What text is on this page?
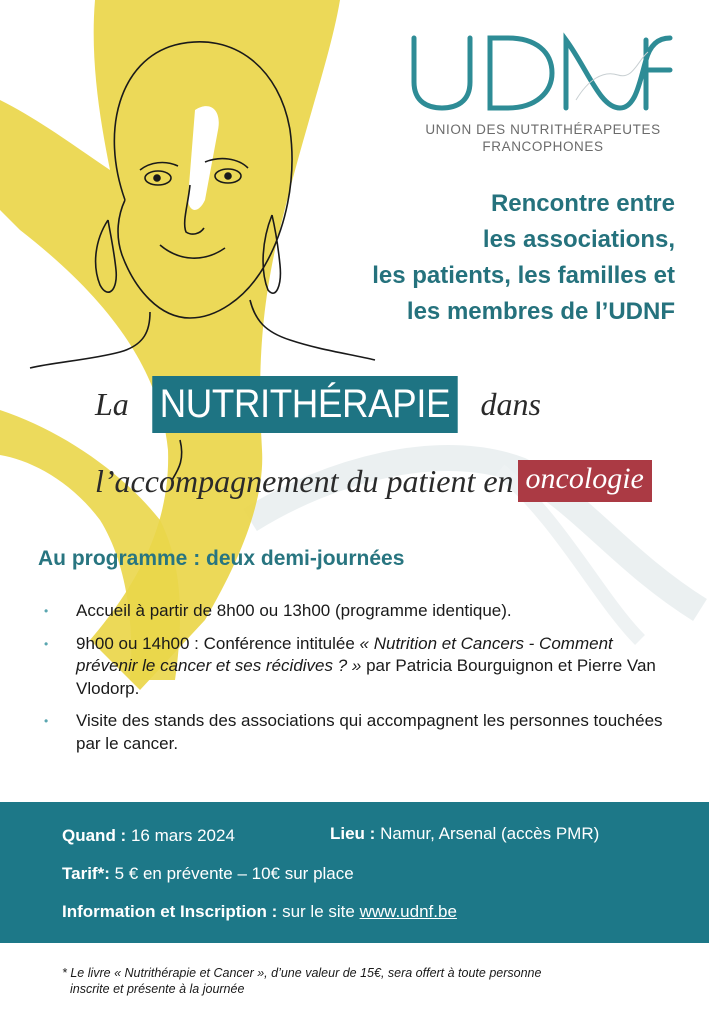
UNION DES NUTRITHÉRAPEUTES
FRANCOPHONES
Rencontre entre
les associations,
les patients, les familles et
les membres de l’UDNF
La NUTRITHÉRAPIE dans
l’accompagnement du patient en oncologie
Au programme : deux demi-journées
• Accueil à partir de 8h00 ou 13h00 (programme identique).
• 9h00 ou 14h00 : Conférence intitulée « Nutrition et Cancers - Comment prévenir le cancer et ses récidives ? » par Patricia Bourguignon et Pierre Van Vlodorp.
• Visite des stands des associations qui accompagnent les personnes touchées par le cancer.
Quand : 16 mars 2024	Lieu : Namur, Arsenal (accès PMR)
Tarif*: 5 € en prévente – 10€ sur place
Information et Inscription : sur le site www.udnf.be
* Le livre « Nutrithérapie et Cancer », d’une valeur de 15€, sera offert à toute personne
inscrite et présente à la journée
